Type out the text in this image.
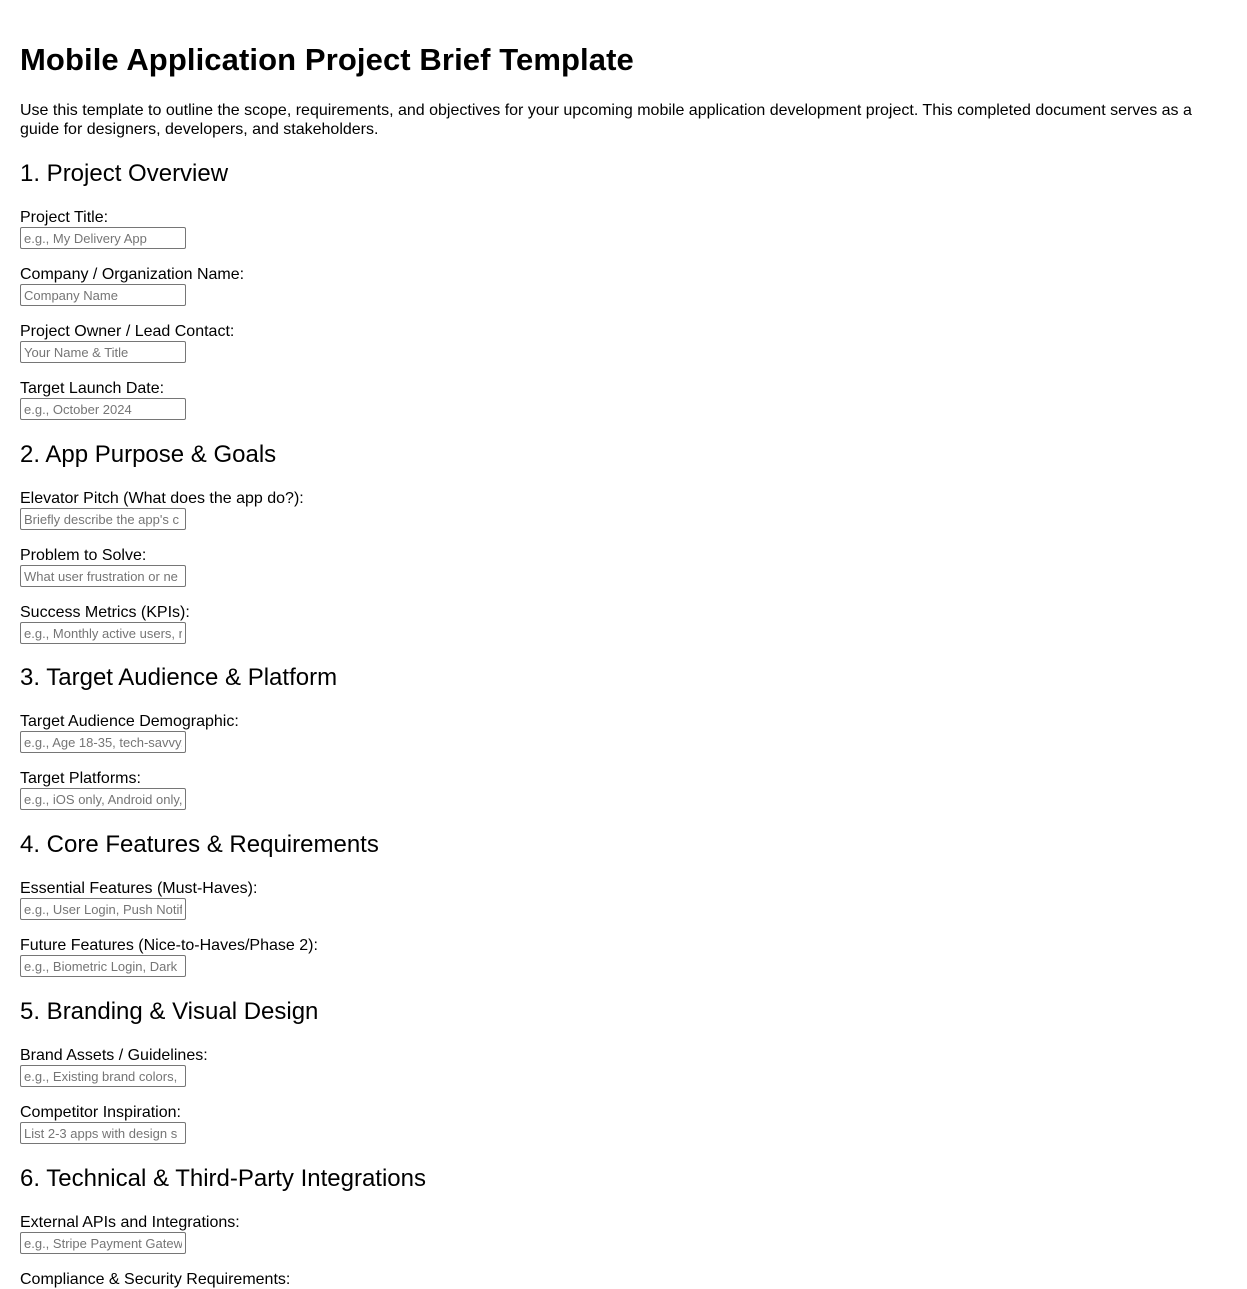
Mobile Application Project Brief Template

Use this template to outline the scope, requirements, and objectives for your upcoming mobile application development project. This completed document serves as a guide for designers, developers, and stakeholders.

1. Project Overview
Project Title:
e.g., My Delivery App
Company / Organization Name:
Company Name
Project Owner / Lead Contact:
Your Name & Title
Target Launch Date:
e.g., October 2024
2. App Purpose & Goals
Elevator Pitch (What does the app do?):
Briefly describe the app's c
Problem to Solve:
What user frustration or ne
Success Metrics (KPIs):
e.g., Monthly active users, r
3. Target Audience & Platform
Target Audience Demographic:
e.g., Age 18-35, tech-savvy,
Target Platforms:
e.g., iOS only, Android only,
4. Core Features & Requirements
Essential Features (Must-Haves):
e.g., User Login, Push Notif
Future Features (Nice-to-Haves/Phase 2):
e.g., Biometric Login, Dark
5. Branding & Visual Design
Brand Assets / Guidelines:
e.g., Existing brand colors,
Competitor Inspiration:
List 2-3 apps with design s
6. Technical & Third-Party Integrations
External APIs and Integrations:
e.g., Stripe Payment Gatew
Compliance & Security Requirements:
